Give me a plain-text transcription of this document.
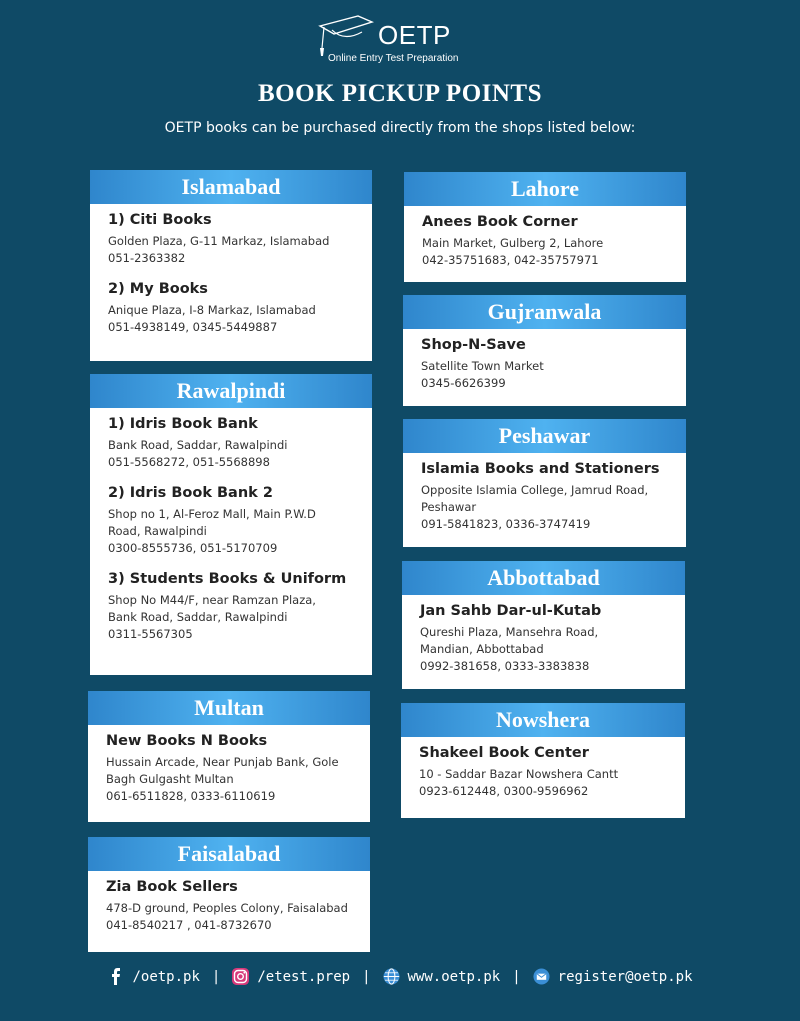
OETP
Online Entry Test Preparation
BOOK PICKUP POINTS
OETP books can be purchased directly from the shops listed below:
Islamabad
1) Citi Books
Golden Plaza, G-11 Markaz, Islamabad
051-2363382
2) My Books
Anique Plaza, I-8 Markaz, Islamabad
051-4938149, 0345-5449887
Rawalpindi
1) Idris Book Bank
Bank Road, Saddar, Rawalpindi
051-5568272, 051-5568898
2) Idris Book Bank 2
Shop no 1, Al-Feroz Mall, Main P.W.D
Road, Rawalpindi
0300-8555736, 051-5170709
3) Students Books & Uniform
Shop No M44/F, near Ramzan Plaza,
Bank Road, Saddar, Rawalpindi
0311-5567305
Multan
New Books N Books
Hussain Arcade, Near Punjab Bank, Gole
Bagh Gulgasht Multan
061-6511828, 0333-6110619
Faisalabad
Zia Book Sellers
478-D ground, Peoples Colony, Faisalabad
041-8540217 , 041-8732670
Lahore
Anees Book Corner
Main Market, Gulberg 2, Lahore
042-35751683, 042-35757971
Gujranwala
Shop-N-Save
Satellite Town Market
0345-6626399
Peshawar
Islamia Books and Stationers
Opposite Islamia College, Jamrud Road,
Peshawar
091-5841823, 0336-3747419
Abbottabad
Jan Sahb Dar-ul-Kutab
Qureshi Plaza, Mansehra Road,
Mandian, Abbottabad
0992-381658, 0333-3383838
Nowshera
Shakeel Book Center
10 - Saddar Bazar Nowshera Cantt
0923-612448, 0300-9596962
/oetp.pk |	/etest.prep |	www.oetp.pk |	register@oetp.pk
